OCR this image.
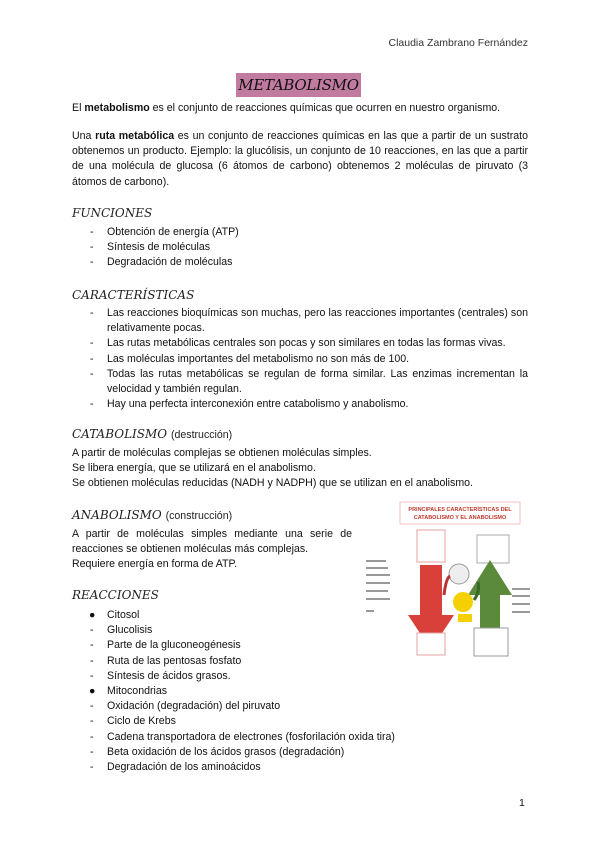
Claudia Zambrano Fernández
METABOLISMO
El metabolismo es el conjunto de reacciones químicas que ocurren en nuestro organismo.
Una ruta metabólica es un conjunto de reacciones químicas en las que a partir de un sustrato obtenemos un producto. Ejemplo: la glucólisis, un conjunto de 10 reacciones, en las que a partir de una molécula de glucosa (6 átomos de carbono) obtenemos 2 moléculas de piruvato (3 átomos de carbono).
FUNCIONES
- Obtención de energía (ATP)
- Síntesis de moléculas
- Degradación de moléculas
CARACTERÍSTICAS
- Las reacciones bioquímicas son muchas, pero las reacciones importantes (centrales) son relativamente pocas.
- Las rutas metabólicas centrales son pocas y son similares en todas las formas vivas.
- Las moléculas importantes del metabolismo no son más de 100.
- Todas las rutas metabólicas se regulan de forma similar. Las enzimas incrementan la velocidad y también regulan.
- Hay una perfecta interconexión entre catabolismo y anabolismo.
CATABOLISMO (destrucción)
A partir de moléculas complejas se obtienen moléculas simples.
Se libera energía, que se utilizará en el anabolismo.
Se obtienen moléculas reducidas (NADH y NADPH) que se utilizan en el anabolismo.
ANABOLISMO (construcción)
A partir de moléculas simples mediante una serie de reacciones se obtienen moléculas más complejas.
Requiere energía en forma de ATP.
PRINCIPALES CARACTERÍSTICAS DEL
CATABOLISMO Y EL ANABOLISMO
REACCIONES
● Citosol
- Glucolisis
- Parte de la gluconeogénesis
- Ruta de las pentosas fosfato
- Síntesis de ácidos grasos.
● Mitocondrias
- Oxidación (degradación) del piruvato
- Ciclo de Krebs
- Cadena transportadora de electrones (fosforilación oxida tira)
- Beta oxidación de los ácidos grasos (degradación)
- Degradación de los aminoácidos
1
